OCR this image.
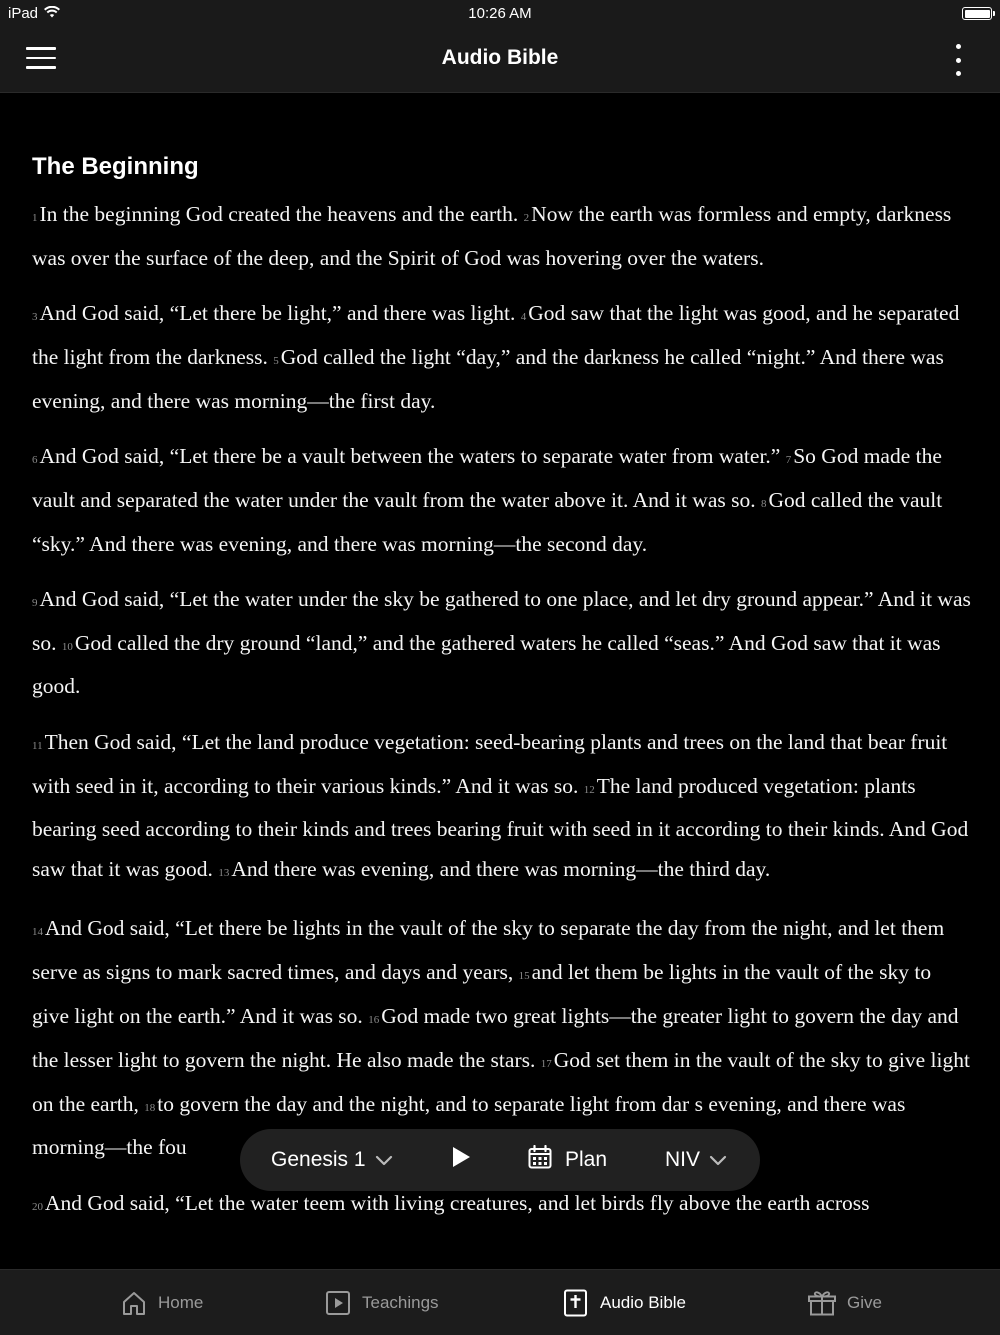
iPad	10:26 AM
Audio Bible
The Beginning

1In the beginning God created the heavens and the earth. 2Now the earth was formless and empty, darkness was over the surface of the deep, and the Spirit of God was hovering over the waters.

3And God said, “Let there be light,” and there was light. 4God saw that the light was good, and he separated the light from the darkness. 5God called the light “day,” and the darkness he called “night.” And there was evening, and there was morning—the first day.

6And God said, “Let there be a vault between the waters to separate water from water.” 7So God made the vault and separated the water under the vault from the water above it. And it was so. 8God called the vault “sky.” And there was evening, and there was morning—the second day.

9And God said, “Let the water under the sky be gathered to one place, and let dry ground appear.” And it was so. 10God called the dry ground “land,” and the gathered waters he called “seas.” And God saw that it was good.

11Then God said, “Let the land produce vegetation: seed-bearing plants and trees on the land that bear fruit with seed in it, according to their various kinds.” And it was so. 12The land produced vegetation: plants bearing seed according to their kinds and trees bearing fruit with seed in it according to their kinds. And God saw that it was good. 13And there was evening, and there was morning—the third day.

14And God said, “Let there be lights in the vault of the sky to separate the day from the night, and let them serve as signs to mark sacred times, and days and years, 15and let them be lights in the vault of the sky to give light on the earth.” And it was so. 16God made two great lights—the greater light to govern the day and the lesser light to govern the night. He also made the stars. 17God set them in the vault of the sky to give light on the earth, 18to govern the day and the night, and to separate light from dar s evening, and there was morning—the fou

20And God said, “Let the water teem with living creatures, and let birds fly above the earth across

Genesis 1	Plan	NIV
Home	Teachings	Audio Bible	Give
